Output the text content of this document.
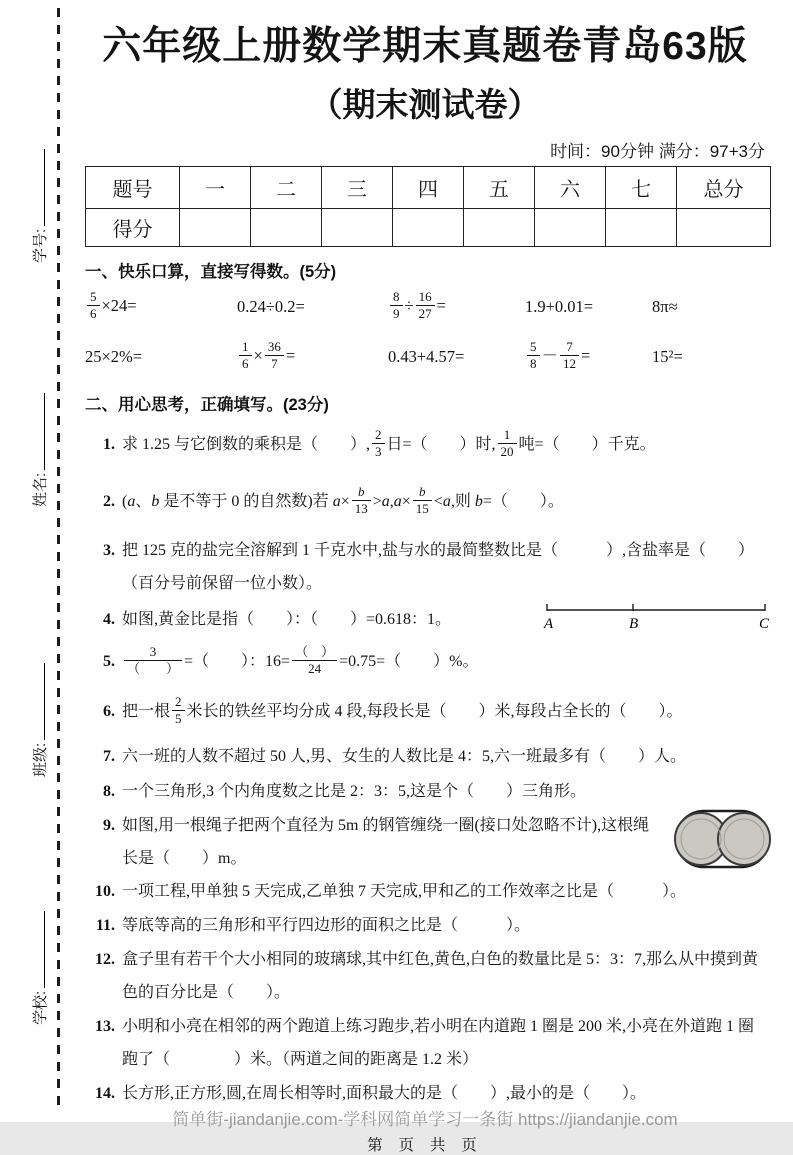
学号:
姓名:
班级:
学校:
六年级上册数学期末真题卷青岛63版
（期末测试卷）
时间：90分钟 满分：97+3分
题号	一	二	三	四	五	六	七	总分
得分								
一、快乐口算，直接写得数。(5分)
$\frac{5}{6} \times 24=$	0.24÷0.2=	$\frac{8}{9} \div \frac{16}{27}$ =	1.9+0.01=	8π≈
25×2%=	$\frac{1}{6} \times \frac{36}{7}$ =	0.43+4.57=	$\frac{5}{8} - \frac{7}{12}$ =	15²=
二、用心思考，正确填写。(23分)
1. 求 1.25 与它倒数的乘积是（　　）, $\frac{2}{3}$ 日=（　　）时, $\frac{1}{20}$ 吨=（　　）千克。
2. (a、b 是不等于 0 的自然数)若 $a\times \frac{b}{13} >a,a\times \frac{b}{15} <a$,则 b=（　　）。
3. 把 125 克的盐完全溶解到 1 千克水中,盐与水的最简整数比是（　　　）,含盐率是（　　）
（百分号前保留一位小数）。
4. 如图,黄金比是指（　　）：（　　）=0.618：1。	A	B	C
5. $\frac{3}{( )}$ =（　　）：$16= \frac{( )}{24} =0.75=$（　　）%。
6. 把一根 $\frac{2}{5}$ 米长的铁丝平均分成 4 段,每段长是（　　）米,每段占全长的（　　）。
7. 六一班的人数不超过 50 人,男、女生的人数比是 4：5,六一班最多有（　　）人。
8. 一个三角形,3 个内角度数之比是 2：3：5,这是个（　　）三角形。
9. 如图,用一根绳子把两个直径为 5m 的钢管缠绕一圈(接口处忽略不计),这根绳长是（　　）m。
10. 一项工程,甲单独 5 天完成,乙单独 7 天完成,甲和乙的工作效率之比是（　　　）。
11. 等底等高的三角形和平行四边形的面积之比是（　　　）。
12. 盒子里有若干个大小相同的玻璃球,其中红色,黄色,白色的数量比是 5：3：7,那么从中摸到黄色的百分比是（　　）。
13. 小明和小亮在相邻的两个跑道上练习跑步,若小明在内道跑 1 圈是 200 米,小亮在外道跑 1 圈跑了（　　　　）米。（两道之间的距离是 1.2 米）
14. 长方形,正方形,圆,在周长相等时,面积最大的是（　　）,最小的是（　　）。
简单街-jiandanjie.com-学科网简单学习一条街 https://jiandanjie.com
第 页 共 页
